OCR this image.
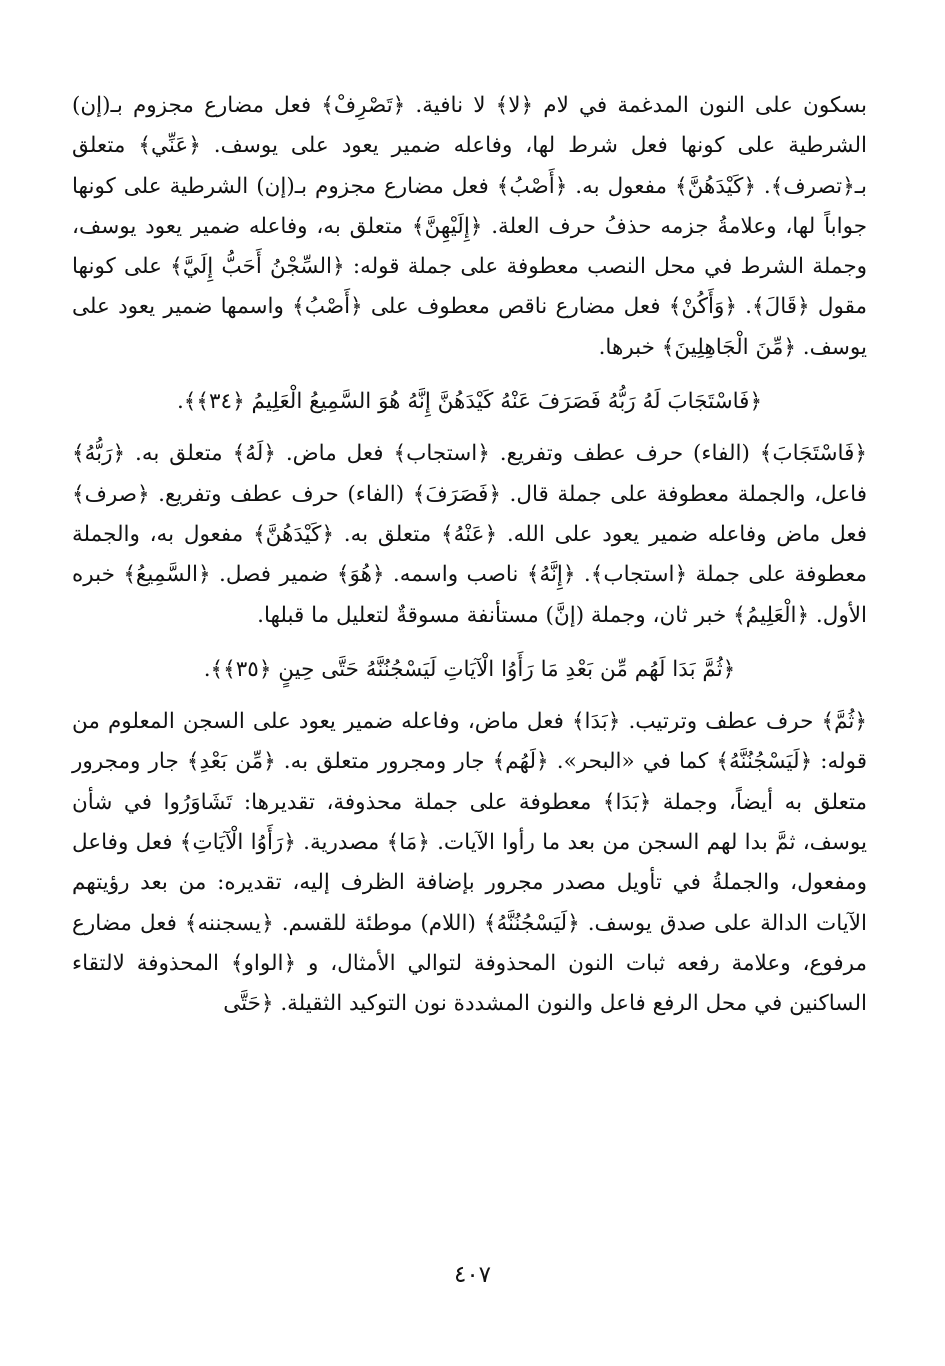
بسكون على النون المدغمة في لام ﴿لا﴾ لا نافية. ﴿تَصْرِفْ﴾ فعل مضارع مجزوم بـ(إن) الشرطية على كونها فعل شرط لها، وفاعله ضمير يعود على يوسف. ﴿عَنِّي﴾ متعلق بـ﴿تصرف﴾. ﴿كَيْدَهُنَّ﴾ مفعول به. ﴿أَصْبُ﴾ فعل مضارع مجزوم بـ(إن) الشرطية على كونها جواباً لها، وعلامةُ جزمه حذفُ حرف العلة. ﴿إِلَيْهِنَّ﴾ متعلق به، وفاعله ضمير يعود يوسف، وجملة الشرط في محل النصب معطوفة على جملة قوله: ﴿السِّجْنُ أَحَبُّ إِلَيَّ﴾ على كونها مقول ﴿قَالَ﴾. ﴿وَأَكُنْ﴾ فعل مضارع ناقص معطوف على ﴿أَصْبُ﴾ واسمها ضمير يعود على يوسف. ﴿مِّنَ الْجَاهِلِينَ﴾ خبرها.

﴿فَاسْتَجَابَ لَهُ رَبُّهُ فَصَرَفَ عَنْهُ كَيْدَهُنَّ إِنَّهُ هُوَ السَّمِيعُ الْعَلِيمُ ﴿٣٤﴾﴾.

﴿فَاسْتَجَابَ﴾ (الفاء) حرف عطف وتفريع. ﴿استجاب﴾ فعل ماض. ﴿لَهُ﴾ متعلق به. ﴿رَبُّهُ﴾ فاعل، والجملة معطوفة على جملة قال. ﴿فَصَرَفَ﴾ (الفاء) حرف عطف وتفريع. ﴿صرف﴾ فعل ماض وفاعله ضمير يعود على الله. ﴿عَنْهُ﴾ متعلق به. ﴿كَيْدَهُنَّ﴾ مفعول به، والجملة معطوفة على جملة ﴿استجاب﴾. ﴿إِنَّهُ﴾ ناصب واسمه. ﴿هُوَ﴾ ضمير فصل. ﴿السَّمِيعُ﴾ خبره الأول. ﴿الْعَلِيمُ﴾ خبر ثان، وجملة (إنَّ) مستأنفة مسوقةٌ لتعليل ما قبلها.

﴿ثُمَّ بَدَا لَهُم مِّن بَعْدِ مَا رَأَوُا الْآيَاتِ لَيَسْجُنُنَّهُ حَتَّى حِينٍ ﴿٣٥﴾﴾.

﴿ثُمَّ﴾ حرف عطف وترتيب. ﴿بَدَا﴾ فعل ماض، وفاعله ضمير يعود على السجن المعلوم من قوله: ﴿لَيَسْجُنُنَّهُ﴾ كما في «البحر». ﴿لَهُم﴾ جار ومجرور متعلق به. ﴿مِّن بَعْدِ﴾ جار ومجرور متعلق به أيضاً، وجملة ﴿بَدَا﴾ معطوفة على جملة محذوفة، تقديرها: تَشَاوَرُوا في شأن يوسف، ثمَّ بدا لهم السجن من بعد ما رأوا الآيات. ﴿مَا﴾ مصدرية. ﴿رَأَوُا الْآيَاتِ﴾ فعل وفاعل ومفعول، والجملةُ في تأويل مصدر مجرور بإضافة الظرف إليه، تقديره: من بعد رؤيتهم الآيات الدالة على صدق يوسف. ﴿لَيَسْجُنُنَّهُ﴾ (اللام) موطئة للقسم. ﴿يسجننه﴾ فعل مضارع مرفوع، وعلامة رفعه ثبات النون المحذوفة لتوالي الأمثال، و ﴿الواو﴾ المحذوفة لالتقاء الساكنين في محل الرفع فاعل والنون المشددة نون التوكيد الثقيلة. ﴿حَتَّى

٤٠٧
